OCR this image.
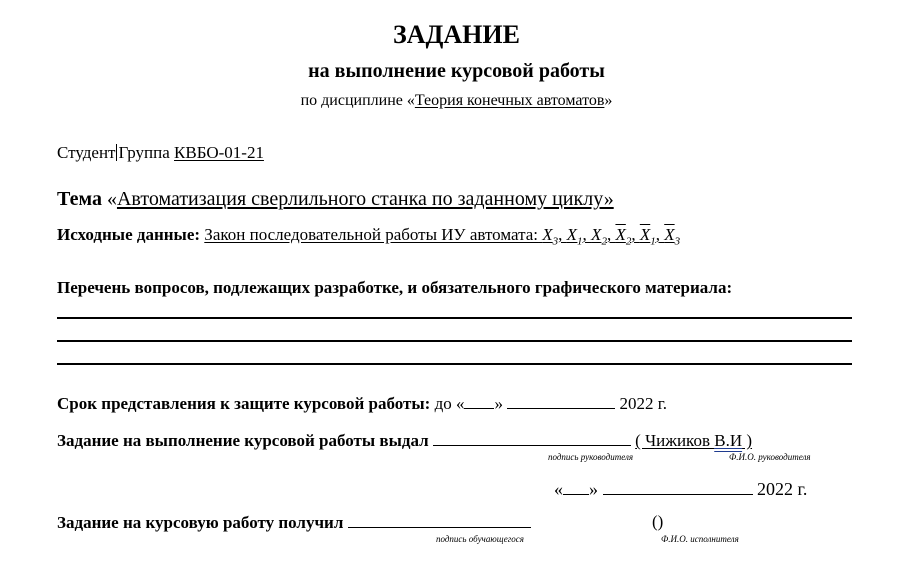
ЗАДАНИЕ
на выполнение курсовой работы
по дисциплине «Теория конечных автоматов»
Студент Группа КВБО-01-21
Тема «Автоматизация сверлильного станка по заданному циклу»
Исходные данные: Закон последовательной работы ИУ автомата: $X_3$, $X_1$, $X_2$, $X_2$, $X_1$, $X_3$
Перечень вопросов, подлежащих разработке, и обязательного графического материала:
Срок представления к защите курсовой работы: до « »	2022 г.
Задание на выполнение курсовой работы выдал	( Чижиков В.И )
подпись руководителя	Ф.И.О. руководителя
« »	2022 г.
Задание на курсовую работу получил	()
подпись обучающегося	Ф.И.О. исполнителя
